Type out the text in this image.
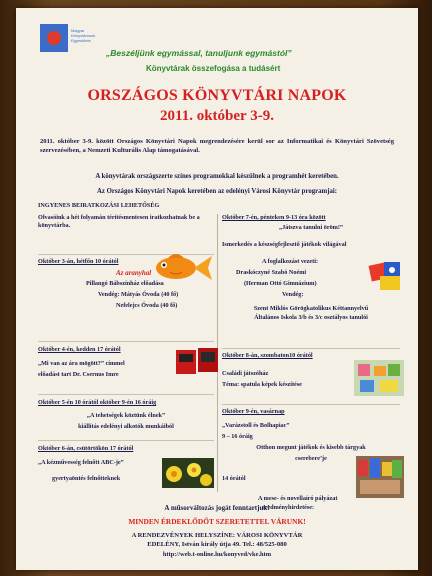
Magyar Könyvtárosok Egyesülete
„Beszéljünk egymással, tanuljunk egymástól”
Könyvtárak összefogása a tudásért
ORSZÁGOS KÖNYVTÁRI NAPOK
2011. október 3-9.
2011. október 3-9. között Országos Könyvtári Napok megrendezésére kerül sor az Informatikai és Könyvtári Szövetség szervezésében, a Nemzeti Kulturális Alap támogatásával.
A könyvtárak országszerte színes programokkal készülnek a programhét keretében.
Az Országos Könyvtári Napok keretében az edelényi Városi Könyvtár programjai:
INGYENES BEIRATKOZÁSI LEHETŐSÉG
Olvasóink a hét folyamán térítésmentesen iratkozhatnak be a könyvtárba.
Október 3-án, hétfőn 10 órától
Az aranyhal
Pillangó Bábszínház előadása
Vendég: Mátyás Óvoda (40 fő)
Nefelejcs Óvoda (40 fő)
Október 4-én, kedden 17 órától
„Mi van az ára mögött?” címmel
előadást tart Dr. Csernus Imre
Október 5-én 10 órától október 9-én 16 óráig
„A tehetségek köztünk élnek”
kiállítás edelényi alkotók munkáiból
Október 6-án, csütörtökön 17 órától
„A kézművesség felnőtt ABC-je”
gyertyaöntés felnőtteknek
Október 7-én, pénteken 9-13 óra között
„Játszva tanulni öröm!”
Ismerkedés a készségfejlesztő játékok világával
A foglalkozást vezeti:
Draskóczyné Szabó Noémi
(Herman Ottó Gimnázium)
Vendég:
Szent Miklós Görögkatolikus Kéttannyelvű
Általános Iskola 3/b és 3/c osztályos tanulói
Október 8-án, szombaton10 órától
Családi játszóház
Téma: spatula képek készítése
Október 9-én, vasárnap
„Varázstoll és Bolhapiac”
9 – 16 óráig
Otthon megunt játékok és kisebb tárgyak
cserebere’je
14 órától
A mese- és novellaíró pályázat
eredményhirdetése:
A műsorváltozás jogát fenntartjuk!
MINDEN ÉRDEKLŐDŐT SZERETETTEL VÁRUNK!
A RENDEZVÉNYEK HELYSZÍNE: VÁROSI KÖNYVTÁR
EDELÉNY, István király útja 49. Tel.: 48/525-080
http://web.t-online.hu/konyved/vke.htm
